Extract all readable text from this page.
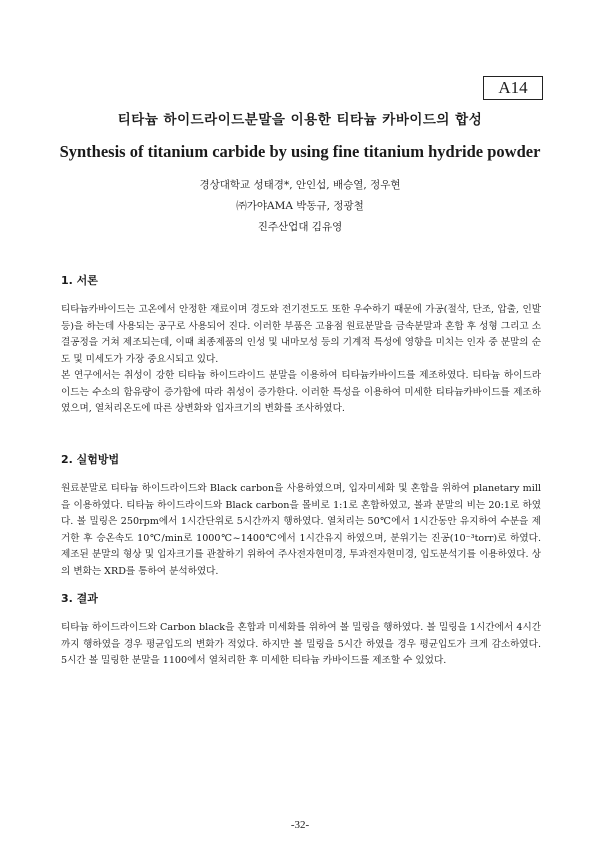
A14
티타늄 하이드라이드분말을 이용한 티타늄 카바이드의 합성
Synthesis of titanium carbide by using fine titanium hydride powder
경상대학교 성태경*, 안인섭, 배승열, 정우현
㈜가야AMA 박동규, 정광철
진주산업대 김유영
1. 서론

티타늄카바이드는 고온에서 안정한 재료이며 경도와 전기전도도 또한 우수하기 때문에 가공(절삭, 단조, 압출, 인발 등)을 하는데 사용되는 공구로 사용되어 진다. 이러한 부품은 고융점 원료분말을 금속분말과 혼합 후 성형 그리고 소결공정을 거쳐 제조되는데, 이때 최종제품의 인성 및 내마모성 등의 기계적 특성에 영향을 미치는 인자 중 분말의 순도 및 미세도가 가장 중요시되고 있다.

본 연구에서는 취성이 강한 티타늄 하이드라이드 분말을 이용하여 티타늄카바이드를 제조하였다. 티타늄 하이드라이드는 수소의 함유량이 증가함에 따라 취성이 증가한다. 이러한 특성을 이용하여 미세한 티타늄카바이드를 제조하였으며, 열처리온도에 따른 상변화와 입자크기의 변화를 조사하였다.

2. 실험방법

원료분말로 티타늄 하이드라이드와 Black carbon을 사용하였으며, 입자미세화 및 혼합을 위하여 planetary mill을 이용하였다. 티타늄 하이드라이드와 Black carbon을 몰비로 1:1로 혼합하였고, 볼과 분말의 비는 20:1로 하였다. 볼 밀링은 250rpm에서 1시간단위로 5시간까지 행하였다. 열처리는 50℃에서 1시간동안 유지하여 수분을 제거한 후 승온속도 10℃/min로 1000℃~1400℃에서 1시간유지 하였으며, 분위기는 진공(10⁻³torr)로 하였다. 제조된 분말의 형상 및 입자크기를 관찰하기 위하여 주사전자현미경, 투과전자현미경, 입도분석기를 이용하였다. 상의 변화는 XRD를 통하여 분석하였다.

3. 결과

티타늄 하이드라이드와 Carbon black을 혼합과 미세화를 위하여 볼 밀링을 행하였다. 볼 밀링을 1시간에서 4시간까지 행하였을 경우 평균입도의 변화가 적었다. 하지만 볼 밀링을 5시간 하였을 경우 평균입도가 크게 감소하였다. 5시간 볼 밀링한 분말을 1100에서 열처리한 후 미세한 티타늄 카바이드를 제조할 수 있었다.

-32-
